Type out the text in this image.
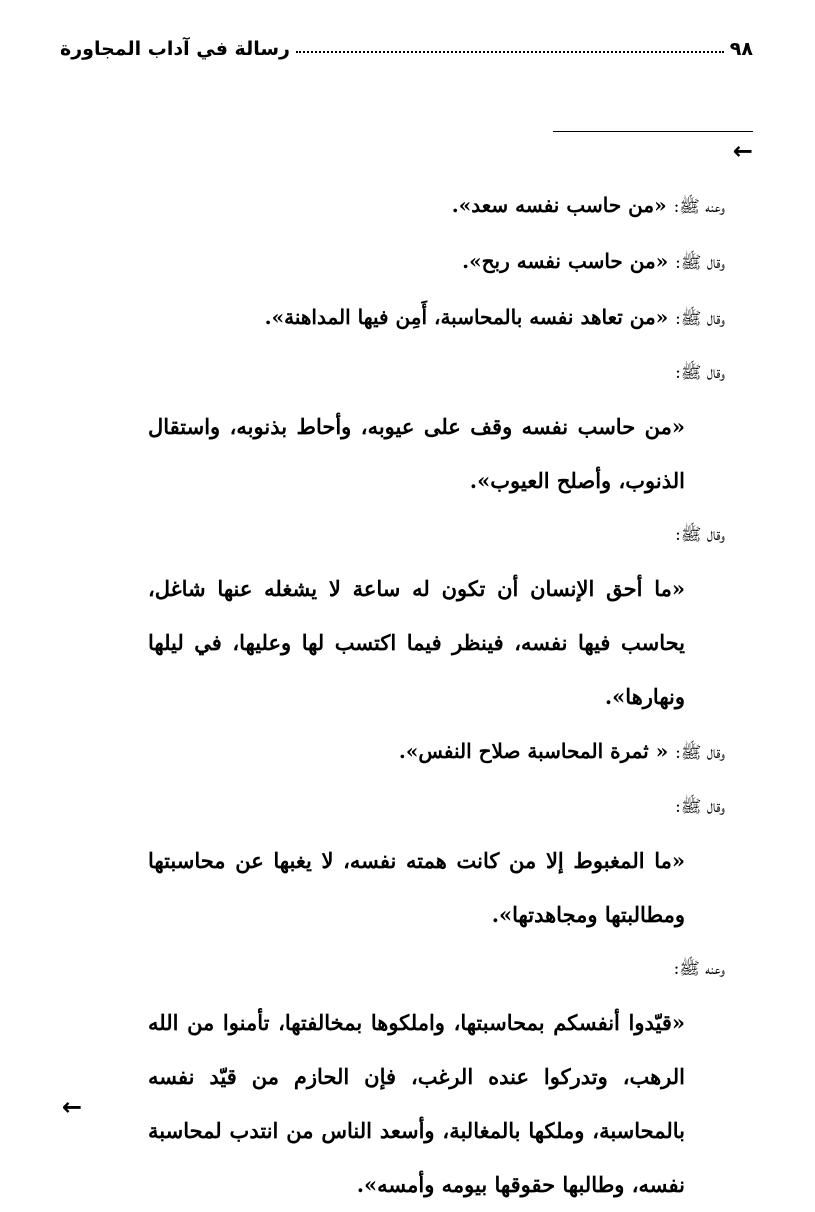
٩٨
رسالة في آداب المجاورة
←
وعنه ﷺ: «من حاسب نفسه سعد».
وقال ﷺ: «من حاسب نفسه ربح».
وقال ﷺ: «من تعاهد نفسه بالمحاسبة، أَمِن فيها المداهنة».
وقال ﷺ:
«من حاسب نفسه وقف على عيوبه، وأحاط بذنوبه، واستقال الذنوب، وأصلح العيوب».
وقال ﷺ:
«ما أحق الإنسان أن تكون له ساعة لا يشغله عنها شاغل، يحاسب فيها نفسه، فينظر فيما اكتسب لها وعليها، في ليلها ونهارها».
وقال ﷺ: « ثمرة المحاسبة صلاح النفس».
وقال ﷺ:
«ما المغبوط إلا من كانت همته نفسه، لا يغبها عن محاسبتها ومطالبتها ومجاهدتها».
وعنه ﷺ:
«قيّدوا أنفسكم بمحاسبتها، واملكوها بمخالفتها، تأمنوا من الله الرهب، وتدركوا عنده الرغب، فإن الحازم من قيّد نفسه بالمحاسبة، وملكها بالمغالبة، وأسعد الناس من انتدب لمحاسبة نفسه، وطالبها حقوقها بيومه وأمسه».
←
